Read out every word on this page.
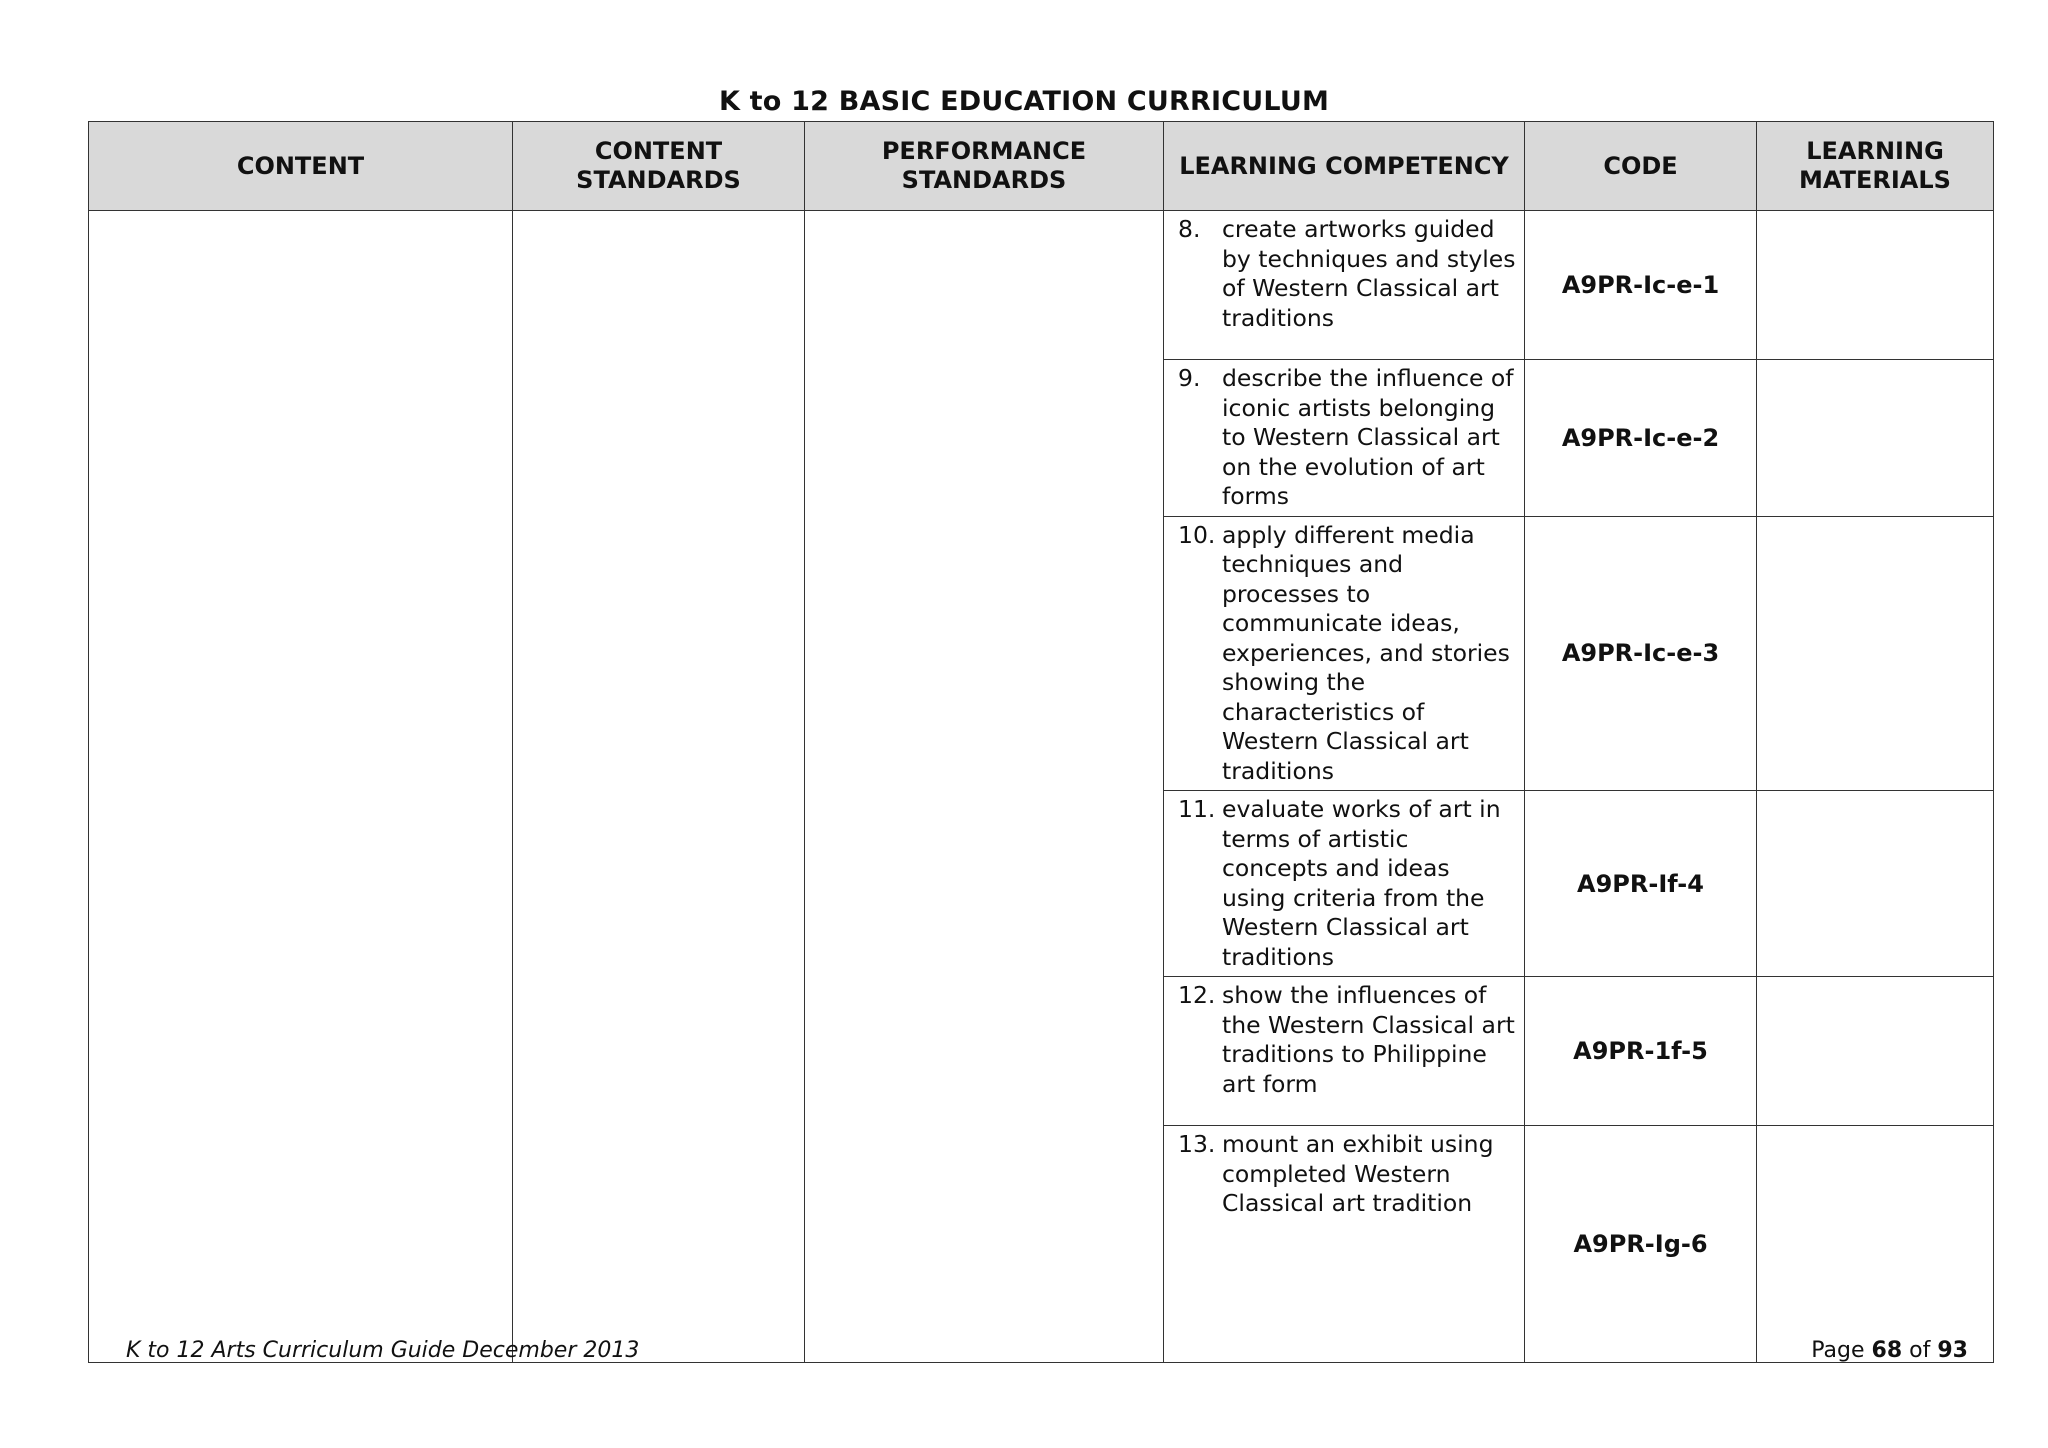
K to 12 BASIC EDUCATION CURRICULUM
CONTENT	CONTENT STANDARDS	PERFORMANCE STANDARDS	LEARNING COMPETENCY	CODE	LEARNING MATERIALS

			8. create artworks guided by techniques and styles of Western Classical art traditions	A9PR-Ic-e-1	

			9. describe the influence of iconic artists belonging to Western Classical art on the evolution of art forms	A9PR-Ic-e-2	

			10. apply different media techniques and processes to communicate ideas, experiences, and stories showing the characteristics of Western Classical art traditions	A9PR-Ic-e-3	

			11. evaluate works of art in terms of artistic concepts and ideas using criteria from the Western Classical art traditions	A9PR-If-4	

			12. show the influences of the Western Classical art traditions to Philippine art form	A9PR-1f-5	

			13. mount an exhibit using completed Western Classical art tradition	A9PR-Ig-6	
K to 12 Arts Curriculum Guide December 2013	Page 68 of 93
